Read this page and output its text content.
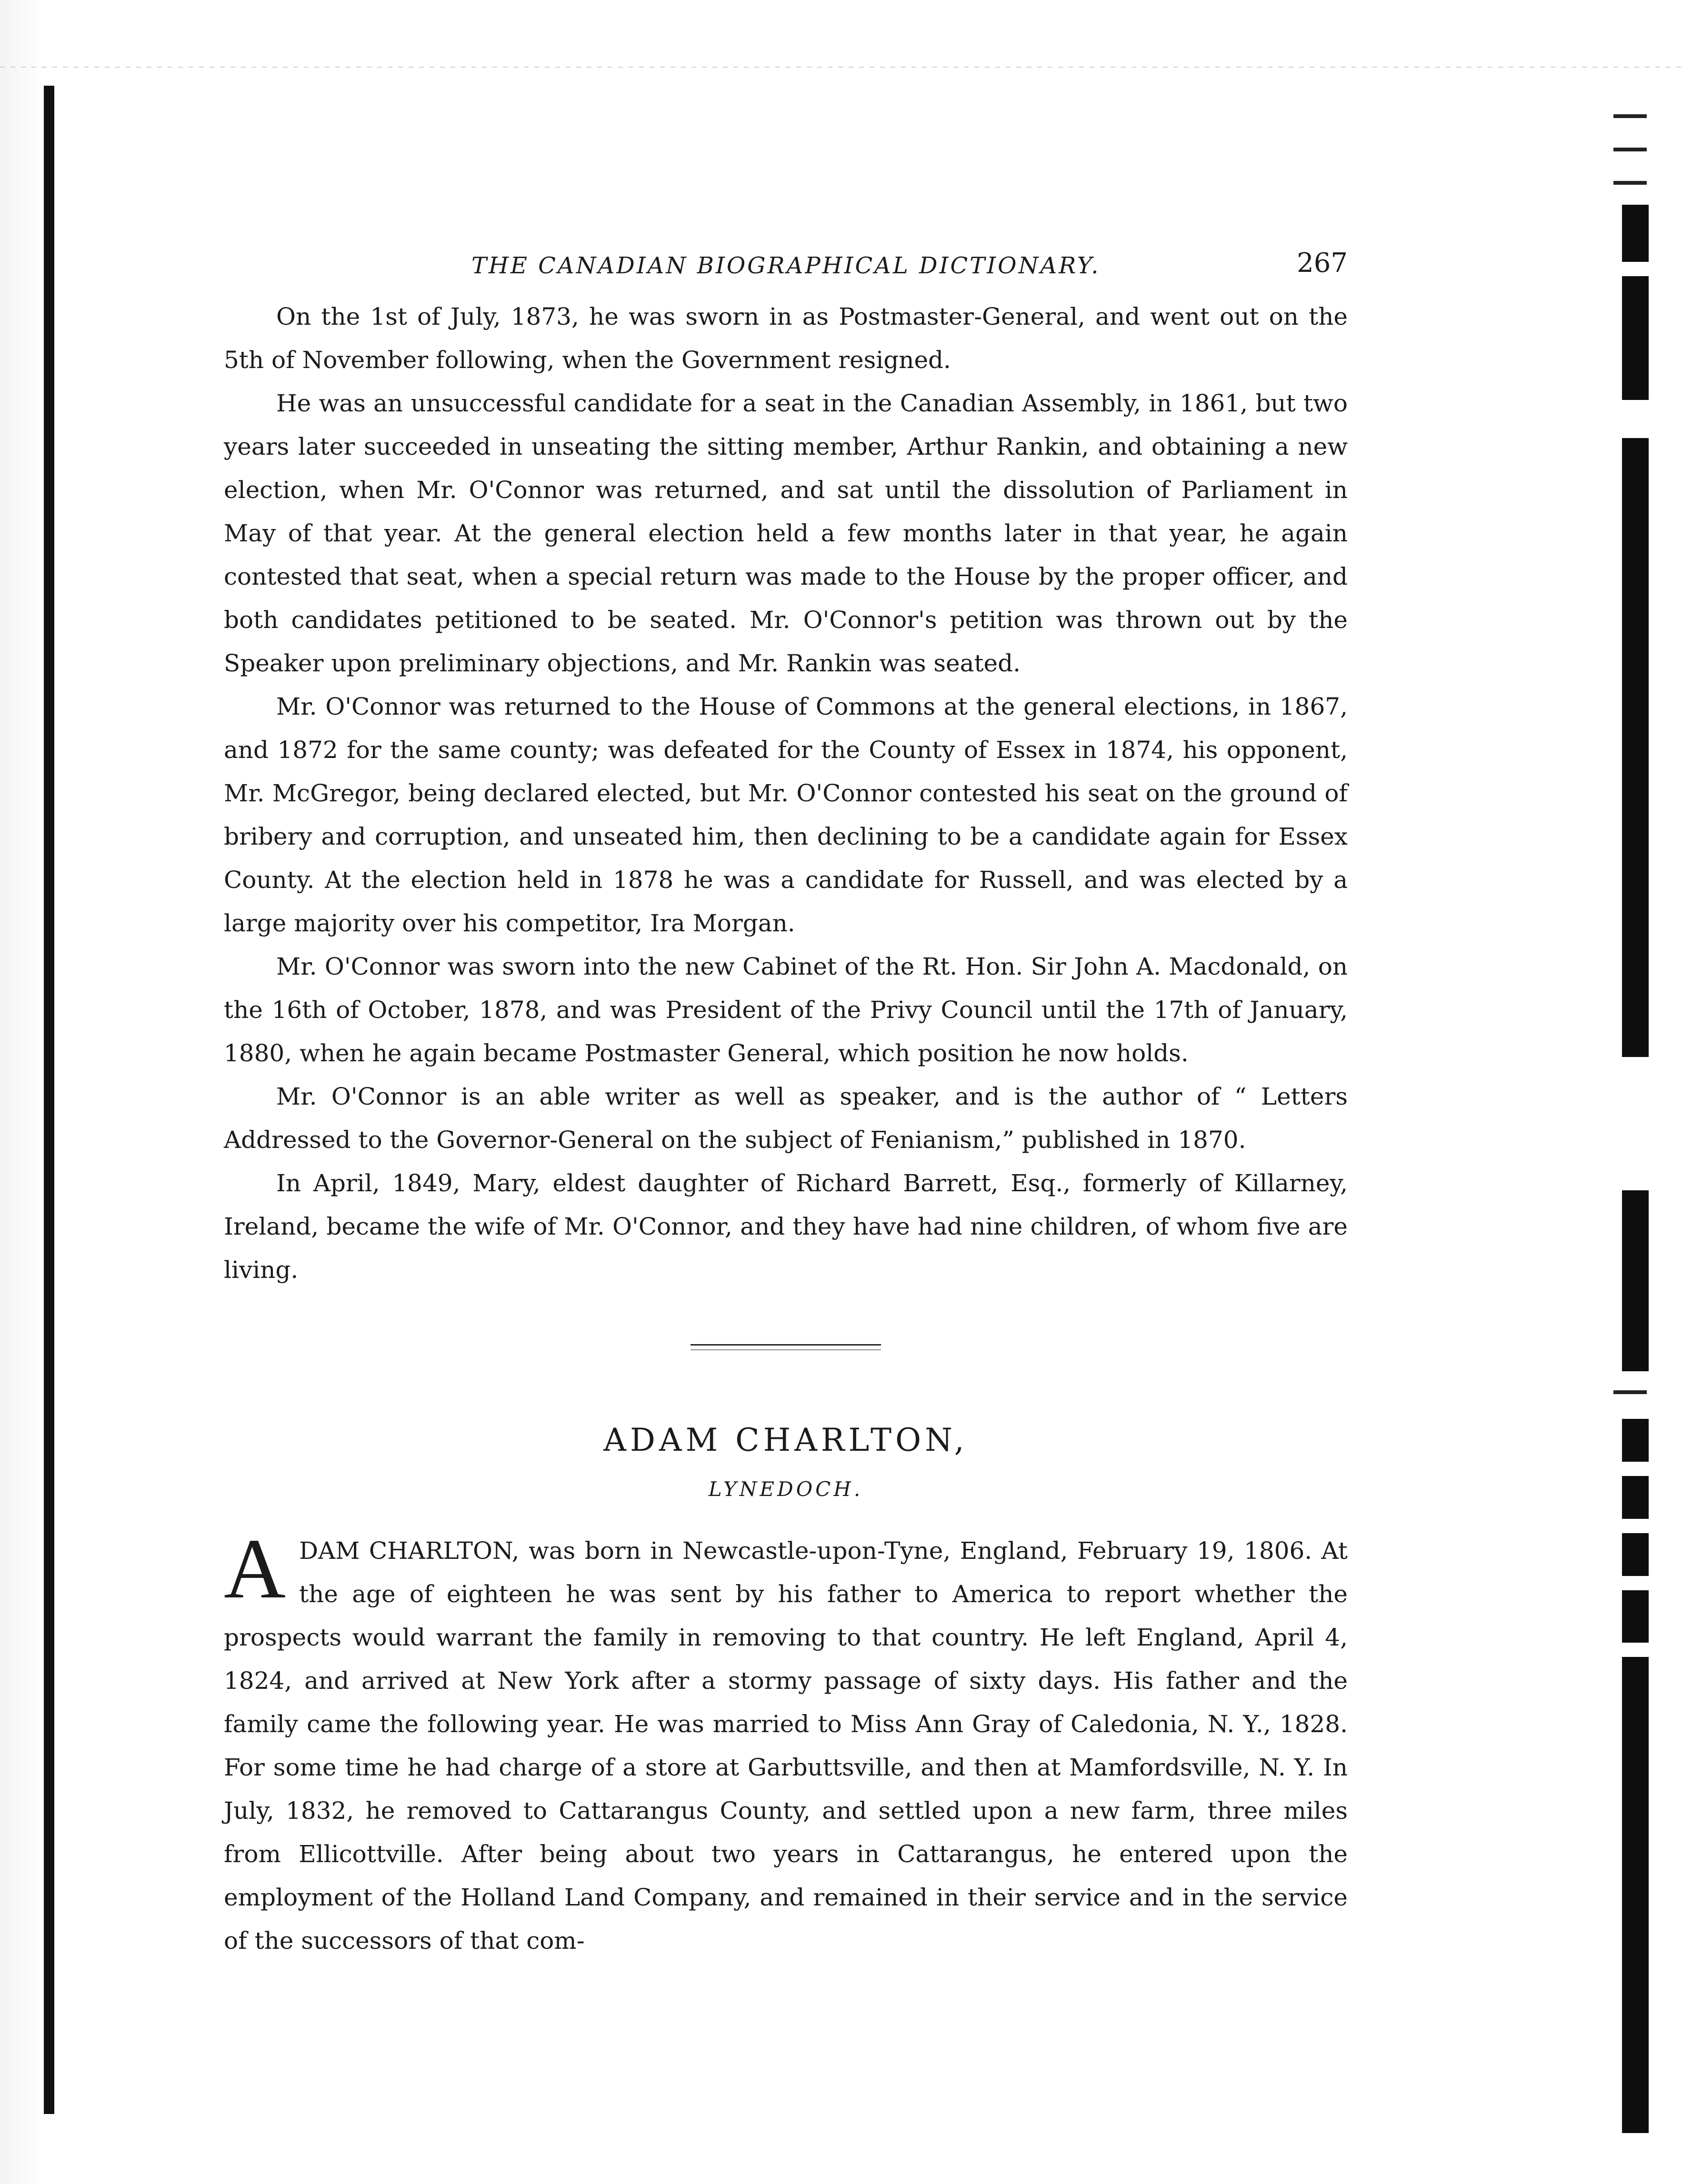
THE CANADIAN BIOGRAPHICAL DICTIONARY.	267

On the 1st of July, 1873, he was sworn in as Postmaster-General, and went out on the 5th of November following, when the Government resigned.

He was an unsuccessful candidate for a seat in the Canadian Assembly, in 1861, but two years later succeeded in unseating the sitting member, Arthur Rankin, and obtaining a new election, when Mr. O'Connor was returned, and sat until the dissolution of Parliament in May of that year. At the general election held a few months later in that year, he again contested that seat, when a special return was made to the House by the proper officer, and both candidates petitioned to be seated. Mr. O'Connor's petition was thrown out by the Speaker upon preliminary objections, and Mr. Rankin was seated.

Mr. O'Connor was returned to the House of Commons at the general elections, in 1867, and 1872 for the same county; was defeated for the County of Essex in 1874, his opponent, Mr. McGregor, being declared elected, but Mr. O'Connor contested his seat on the ground of bribery and corruption, and unseated him, then declining to be a candidate again for Essex County. At the election held in 1878 he was a candidate for Russell, and was elected by a large majority over his competitor, Ira Morgan.

Mr. O'Connor was sworn into the new Cabinet of the Rt. Hon. Sir John A. Macdonald, on the 16th of October, 1878, and was President of the Privy Council until the 17th of January, 1880, when he again became Postmaster General, which position he now holds.

Mr. O'Connor is an able writer as well as speaker, and is the author of “ Letters Addressed to the Governor-General on the subject of Fenianism,” published in 1870.

In April, 1849, Mary, eldest daughter of Richard Barrett, Esq., formerly of Killarney, Ireland, became the wife of Mr. O'Connor, and they have had nine children, of whom five are living.

ADAM CHARLTON,
LYNEDOCH.

A DAM CHARLTON, was born in Newcastle-upon-Tyne, England, February 19, 1806. At the age of eighteen he was sent by his father to America to report whether the prospects would warrant the family in removing to that country. He left England, April 4, 1824, and arrived at New York after a stormy passage of sixty days. His father and the family came the following year. He was married to Miss Ann Gray of Caledonia, N. Y., 1828. For some time he had charge of a store at Garbuttsville, and then at Mamfordsville, N. Y. In July, 1832, he removed to Cattarangus County, and settled upon a new farm, three miles from Ellicottville. After being about two years in Cattarangus, he entered upon the employment of the Holland Land Company, and remained in their service and in the service of the successors of that com-
